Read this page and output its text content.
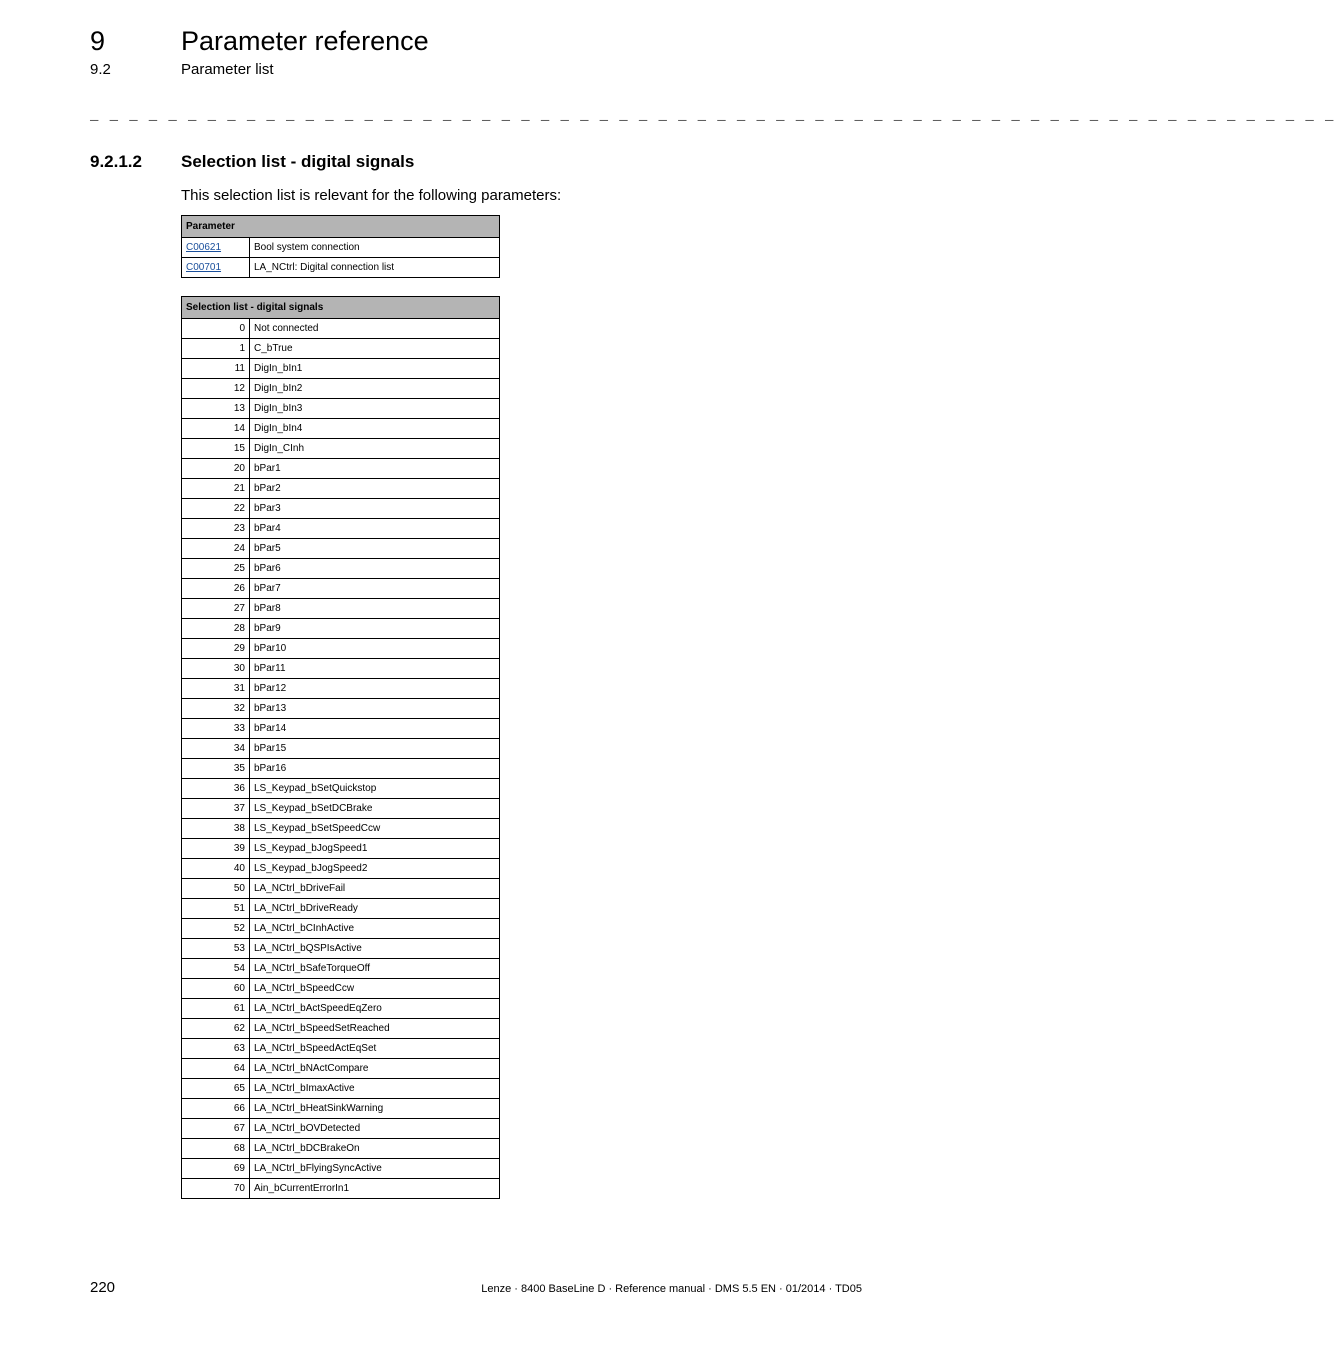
9	Parameter reference
9.2	Parameter list
_ _ _ _ _ _ _ _ _ _ _ _ _ _ _ _ _ _ _ _ _ _ _ _ _ _ _ _ _ _ _ _ _ _ _ _ _ _ _ _ _ _ _ _ _ _ _ _ _ _ _ _ _ _ _ _ _ _ _ _ _ _ _ _
9.2.1.2 Selection list - digital signals
This selection list is relevant for the following parameters:
Parameter	
C00621	Bool system connection
C00701	LA_NCtrl: Digital connection list
Selection list - digital signals	
0	Not connected
1	C_bTrue
11	DigIn_bIn1
12	DigIn_bIn2
13	DigIn_bIn3
14	DigIn_bIn4
15	DigIn_CInh
20	bPar1
21	bPar2
22	bPar3
23	bPar4
24	bPar5
25	bPar6
26	bPar7
27	bPar8
28	bPar9
29	bPar10
30	bPar11
31	bPar12
32	bPar13
33	bPar14
34	bPar15
35	bPar16
36	LS_Keypad_bSetQuickstop
37	LS_Keypad_bSetDCBrake
38	LS_Keypad_bSetSpeedCcw
39	LS_Keypad_bJogSpeed1
40	LS_Keypad_bJogSpeed2
50	LA_NCtrl_bDriveFail
51	LA_NCtrl_bDriveReady
52	LA_NCtrl_bCInhActive
53	LA_NCtrl_bQSPIsActive
54	LA_NCtrl_bSafeTorqueOff
60	LA_NCtrl_bSpeedCcw
61	LA_NCtrl_bActSpeedEqZero
62	LA_NCtrl_bSpeedSetReached
63	LA_NCtrl_bSpeedActEqSet
64	LA_NCtrl_bNActCompare
65	LA_NCtrl_bImaxActive
66	LA_NCtrl_bHeatSinkWarning
67	LA_NCtrl_bOVDetected
68	LA_NCtrl_bDCBrakeOn
69	LA_NCtrl_bFlyingSyncActive
70	Ain_bCurrentErrorIn1
220	Lenze · 8400 BaseLine D · Reference manual · DMS 5.5 EN · 01/2014 · TD05
